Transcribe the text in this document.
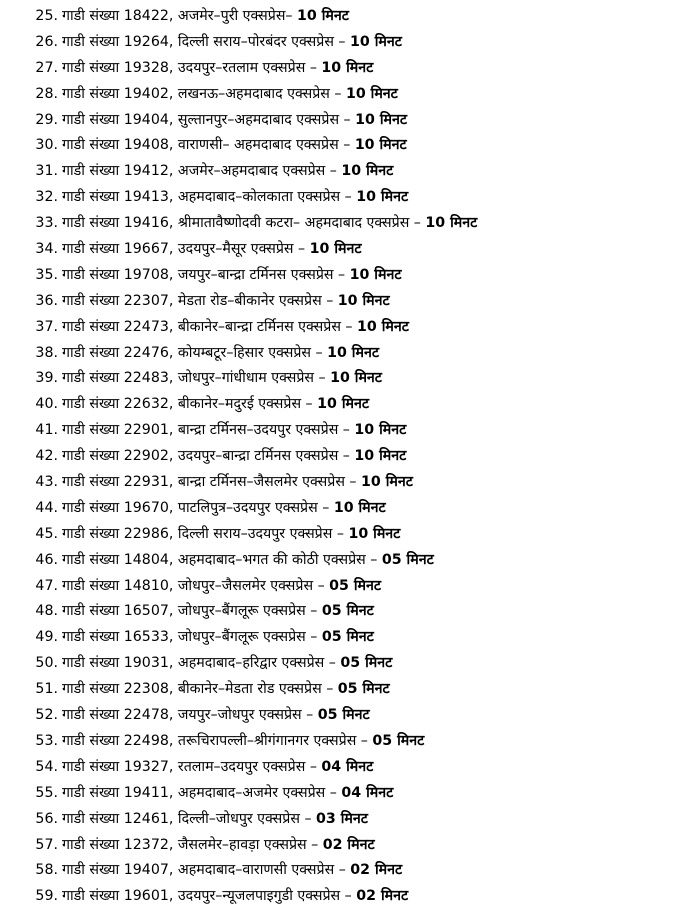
25. गाडी संख्या 18422, अजमेर–पुरी एक्सप्रेस– 10 मिनट
26. गाडी संख्या 19264, दिल्ली सराय–पोरबंदर एक्सप्रेस – 10 मिनट
27. गाडी संख्या 19328, उदयपुर–रतलाम एक्सप्रेस – 10 मिनट
28. गाडी संख्या 19402, लखनऊ–अहमदाबाद एक्सप्रेस – 10 मिनट
29. गाडी संख्या 19404, सुल्तानपुर–अहमदाबाद एक्सप्रेस – 10 मिनट
30. गाडी संख्या 19408, वाराणसी– अहमदाबाद एक्सप्रेस – 10 मिनट
31. गाडी संख्या 19412, अजमेर–अहमदाबाद एक्सप्रेस – 10 मिनट
32. गाडी संख्या 19413, अहमदाबाद–कोलकाता एक्सप्रेस – 10 मिनट
33. गाडी संख्या 19416, श्रीमातावैष्णोदवी कटरा– अहमदाबाद एक्सप्रेस – 10 मिनट
34. गाडी संख्या 19667, उदयपुर–मैसूर एक्सप्रेस – 10 मिनट
35. गाडी संख्या 19708, जयपुर–बान्द्रा टर्मिनस एक्सप्रेस – 10 मिनट
36. गाडी संख्या 22307, मेडता रोड–बीकानेर एक्सप्रेस – 10 मिनट
37. गाडी संख्या 22473, बीकानेर–बान्द्रा टर्मिनस एक्सप्रेस – 10 मिनट
38. गाडी संख्या 22476, कोयम्बटूर–हिसार एक्सप्रेस – 10 मिनट
39. गाडी संख्या 22483, जोधपुर–गांधीधाम एक्सप्रेस – 10 मिनट
40. गाडी संख्या 22632, बीकानेर–मदुरई एक्सप्रेस – 10 मिनट
41. गाडी संख्या 22901, बान्द्रा टर्मिनस–उदयपुर एक्सप्रेस – 10 मिनट
42. गाडी संख्या 22902, उदयपुर–बान्द्रा टर्मिनस एक्सप्रेस – 10 मिनट
43. गाडी संख्या 22931, बान्द्रा टर्मिनस–जैसलमेर एक्सप्रेस – 10 मिनट
44. गाडी संख्या 19670, पाटलिपुत्र–उदयपुर एक्सप्रेस – 10 मिनट
45. गाडी संख्या 22986, दिल्ली सराय–उदयपुर एक्सप्रेस – 10 मिनट
46. गाडी संख्या 14804, अहमदाबाद–भगत की कोठी एक्सप्रेस – 05 मिनट
47. गाडी संख्या 14810, जोधपुर–जैसलमेर एक्सप्रेस – 05 मिनट
48. गाडी संख्या 16507, जोधपुर–बैंगलूरू एक्सप्रेस – 05 मिनट
49. गाडी संख्या 16533, जोधपुर–बैंगलूरू एक्सप्रेस – 05 मिनट
50. गाडी संख्या 19031, अहमदाबाद–हरिद्वार एक्सप्रेस – 05 मिनट
51. गाडी संख्या 22308, बीकानेर–मेडता रोड एक्सप्रेस – 05 मिनट
52. गाडी संख्या 22478, जयपुर–जोधपुर एक्सप्रेस – 05 मिनट
53. गाडी संख्या 22498, तरूचिरापल्ली–श्रीगंगानगर एक्सप्रेस – 05 मिनट
54. गाडी संख्या 19327, रतलाम–उदयपुर एक्सप्रेस – 04 मिनट
55. गाडी संख्या 19411, अहमदाबाद–अजमेर एक्सप्रेस – 04 मिनट
56. गाडी संख्या 12461, दिल्ली–जोधपुर एक्सप्रेस – 03 मिनट
57. गाडी संख्या 12372, जैसलमेर–हावड़ा एक्सप्रेस – 02 मिनट
58. गाडी संख्या 19407, अहमदाबाद–वाराणसी एक्सप्रेस – 02 मिनट
59. गाडी संख्या 19601, उदयपुर–न्यूजलपाइगुडी एक्सप्रेस – 02 मिनट
